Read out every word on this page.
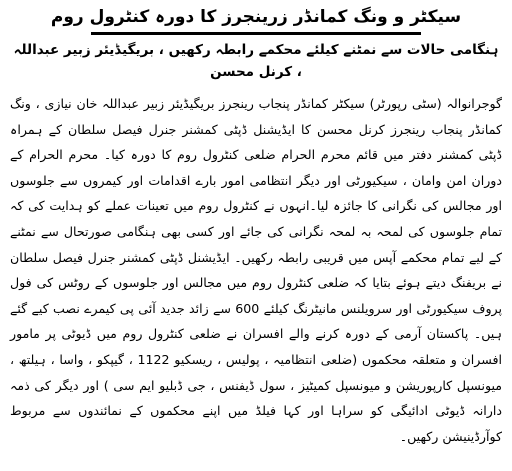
سیکٹر و ونگ کمانڈر زرینجرز کا دورہ کنٹرول روم
ہنگامی حالات سے نمٹنے کیلئے محکمے رابطہ رکھیں ، بریگیڈیئر زبیر عبداللہ ، کرنل محسن

گوجرانوالہ (سٹی رپورٹر) سیکٹر کمانڈر پنجاب رینجرز بریگیڈیئر زبیر عبداللہ خان نیازی ، ونگ کمانڈر پنجاب رینجرز کرنل محسن کا ایڈیشنل ڈپٹی کمشنر جنرل فیصل سلطان کے ہمراہ ڈپٹی کمشنر دفتر میں قائم محرم الحرام ضلعی کنٹرول روم کا دورہ کیا۔ محرم الحرام کے دوران امن وامان ، سیکیورٹی اور دیگر انتظامی امور بارے اقدامات اور کیمروں سے جلوسوں اور مجالس کی نگرانی کا جائزہ لیا۔انہوں نے کنٹرول روم میں تعینات عملے کو ہدایت کی کہ تمام جلوسوں کی لمحہ بہ لمحہ نگرانی کی جائے اور کسی بھی ہنگامی صورتحال سے نمٹنے کے لیے تمام محکمے آپس میں قریبی رابطہ رکھیں۔ ایڈیشنل ڈپٹی کمشنر جنرل فیصل سلطان نے بریفنگ دیتے ہوئے بتایا کہ ضلعی کنٹرول روم میں مجالس اور جلوسوں کے روٹس کی فول پروف سیکیورٹی اور سرویلنس مانیٹرنگ کیلئے 600 سے زائد جدید آئی پی کیمرے نصب کیے گئے ہیں۔ پاکستان آرمی کے دورہ کرنے والے افسران نے ضلعی کنٹرول روم میں ڈیوٹی پر مامور افسران و متعلقہ محکموں (ضلعی انتظامیہ ، پولیس ، ریسکیو 1122 ، گیپکو ، واسا ، ہیلتھ ، میونسپل کارپوریشن و میونسپل کمیٹیز ، سول ڈیفنس ، جی ڈبلیو ایم سی ) اور دیگر کی ذمہ دارانہ ڈیوٹی ادائیگی کو سراہا اور کہا فیلڈ میں اپنے محکموں کے نمائندوں سے مربوط کوآرڈینیشن رکھیں۔
